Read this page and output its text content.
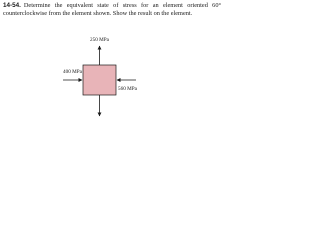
14-54. Determine the equivalent state of stress for an element oriented 60° counterclockwise from the element shown. Show the result on the element.
250 MPa
400 MPa
560 MPa
